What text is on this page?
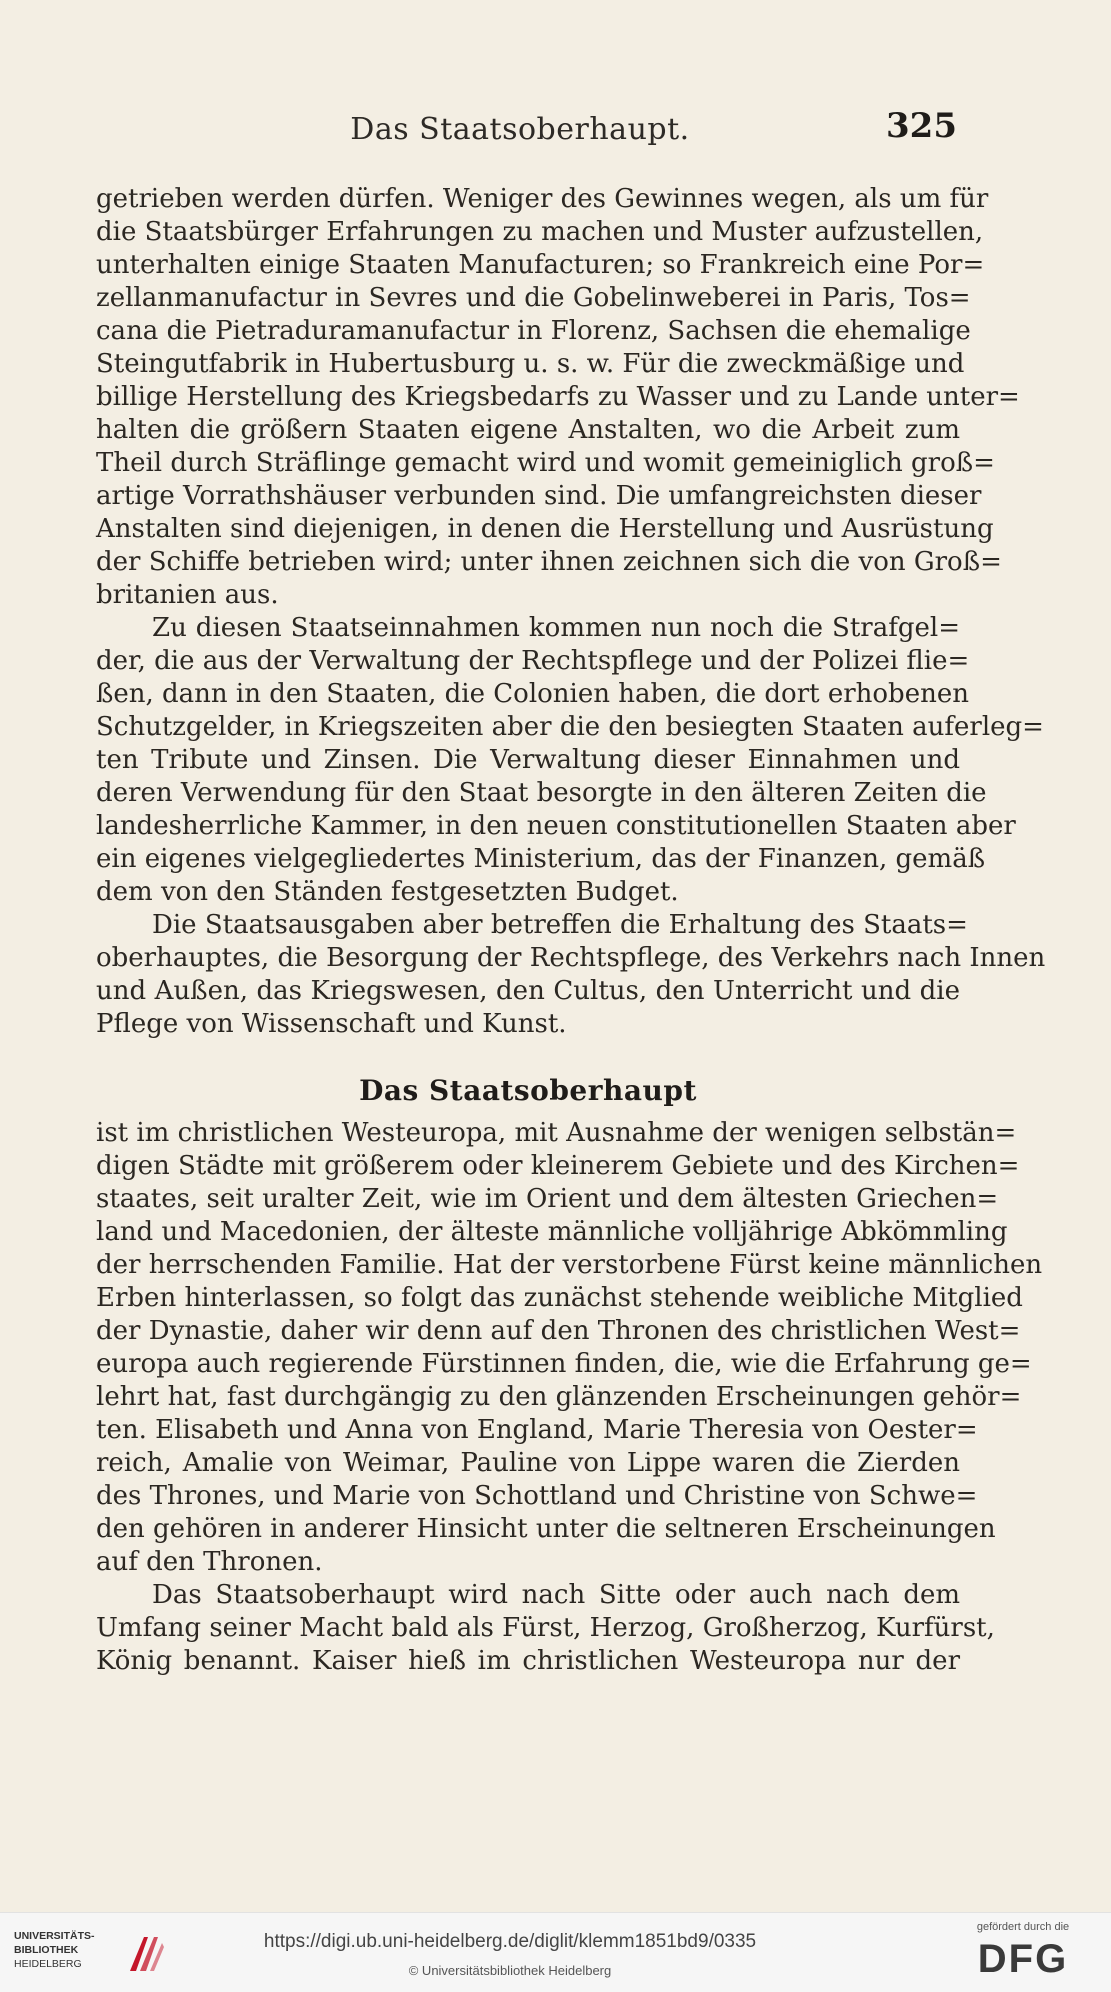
Das Staatsoberhaupt.	325
getrieben werden dürfen. Weniger des Gewinnes wegen, als um für
die Staatsbürger Erfahrungen zu machen und Muster aufzustellen,
unterhalten einige Staaten Manufacturen; so Frankreich eine Por=
zellanmanufactur in Sevres und die Gobelinweberei in Paris, Tos=
cana die Pietraduramanufactur in Florenz, Sachsen die ehemalige
Steingutfabrik in Hubertusburg u. s. w. Für die zweckmäßige und
billige Herstellung des Kriegsbedarfs zu Wasser und zu Lande unter=
halten die größern Staaten eigene Anstalten, wo die Arbeit zum
Theil durch Sträflinge gemacht wird und womit gemeiniglich groß=
artige Vorrathshäuser verbunden sind. Die umfangreichsten dieser
Anstalten sind diejenigen, in denen die Herstellung und Ausrüstung
der Schiffe betrieben wird; unter ihnen zeichnen sich die von Groß=
britanien aus.
Zu diesen Staatseinnahmen kommen nun noch die Strafgel=
der, die aus der Verwaltung der Rechtspflege und der Polizei flie=
ßen, dann in den Staaten, die Colonien haben, die dort erhobenen
Schutzgelder, in Kriegszeiten aber die den besiegten Staaten auferleg=
ten Tribute und Zinsen. Die Verwaltung dieser Einnahmen und
deren Verwendung für den Staat besorgte in den älteren Zeiten die
landesherrliche Kammer, in den neuen constitutionellen Staaten aber
ein eigenes vielgegliedertes Ministerium, das der Finanzen, gemäß
dem von den Ständen festgesetzten Budget.
Die Staatsausgaben aber betreffen die Erhaltung des Staats=
oberhauptes, die Besorgung der Rechtspflege, des Verkehrs nach Innen
und Außen, das Kriegswesen, den Cultus, den Unterricht und die
Pflege von Wissenschaft und Kunst.
Das Staatsoberhaupt
ist im christlichen Westeuropa, mit Ausnahme der wenigen selbstän=
digen Städte mit größerem oder kleinerem Gebiete und des Kirchen=
staates, seit uralter Zeit, wie im Orient und dem ältesten Griechen=
land und Macedonien, der älteste männliche volljährige Abkömmling
der herrschenden Familie. Hat der verstorbene Fürst keine männlichen
Erben hinterlassen, so folgt das zunächst stehende weibliche Mitglied
der Dynastie, daher wir denn auf den Thronen des christlichen West=
europa auch regierende Fürstinnen finden, die, wie die Erfahrung ge=
lehrt hat, fast durchgängig zu den glänzenden Erscheinungen gehör=
ten. Elisabeth und Anna von England, Marie Theresia von Oester=
reich, Amalie von Weimar, Pauline von Lippe waren die Zierden
des Thrones, und Marie von Schottland und Christine von Schwe=
den gehören in anderer Hinsicht unter die seltneren Erscheinungen
auf den Thronen.
Das Staatsoberhaupt wird nach Sitte oder auch nach dem
Umfang seiner Macht bald als Fürst, Herzog, Großherzog, Kurfürst,
König benannt. Kaiser hieß im christlichen Westeuropa nur der
UNIVERSITÄTS-
BIBLIOTHEK
HEIDELBERG
https://digi.ub.uni-heidelberg.de/diglit/klemm1851bd9/0335
© Universitätsbibliothek Heidelberg
gefördert durch die
DFG
